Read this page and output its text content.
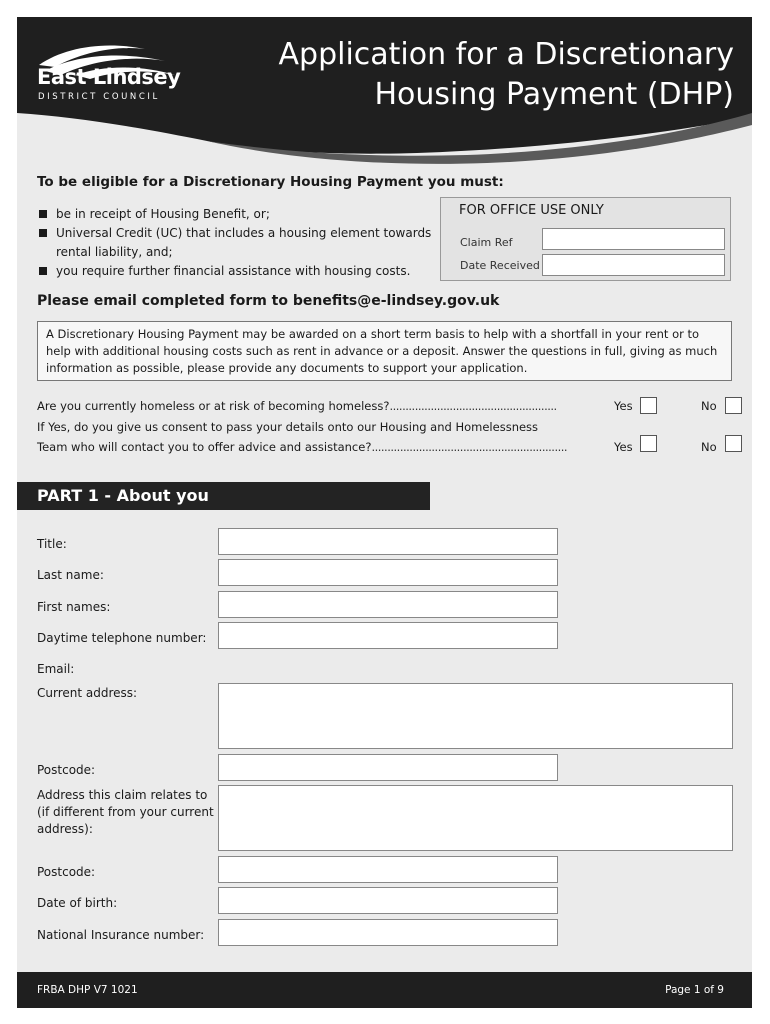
East Lindsey
DISTRICT COUNCIL
Application for a Discretionary
Housing Payment (DHP)
To be eligible for a Discretionary Housing Payment you must:
be in receipt of Housing Benefit, or;
Universal Credit (UC) that includes a housing element towards rental liability, and;
you require further financial assistance with housing costs.
FOR OFFICE USE ONLY
Claim Ref
Date Received
Please email completed form to benefits@e-lindsey.gov.uk
A Discretionary Housing Payment may be awarded on a short term basis to help with a shortfall in your rent or to help with additional housing costs such as rent in advance or a deposit. Answer the questions in full, giving as much information as possible, please provide any documents to support your application.
Are you currently homeless or at risk of becoming homeless?.....................................................	Yes	No
If Yes, do you give us consent to pass your details onto our Housing and Homelessness
Team who will contact you to offer advice and assistance?..............................................................	Yes	No
PART 1 - About you
Title:
Last name:
First names:
Daytime telephone number:
Email:
Current address:
Postcode:
Address this claim relates to (if different from your current address):
Postcode:
Date of birth:
National Insurance number:
FRBA DHP V7 1021	Page 1 of 9
